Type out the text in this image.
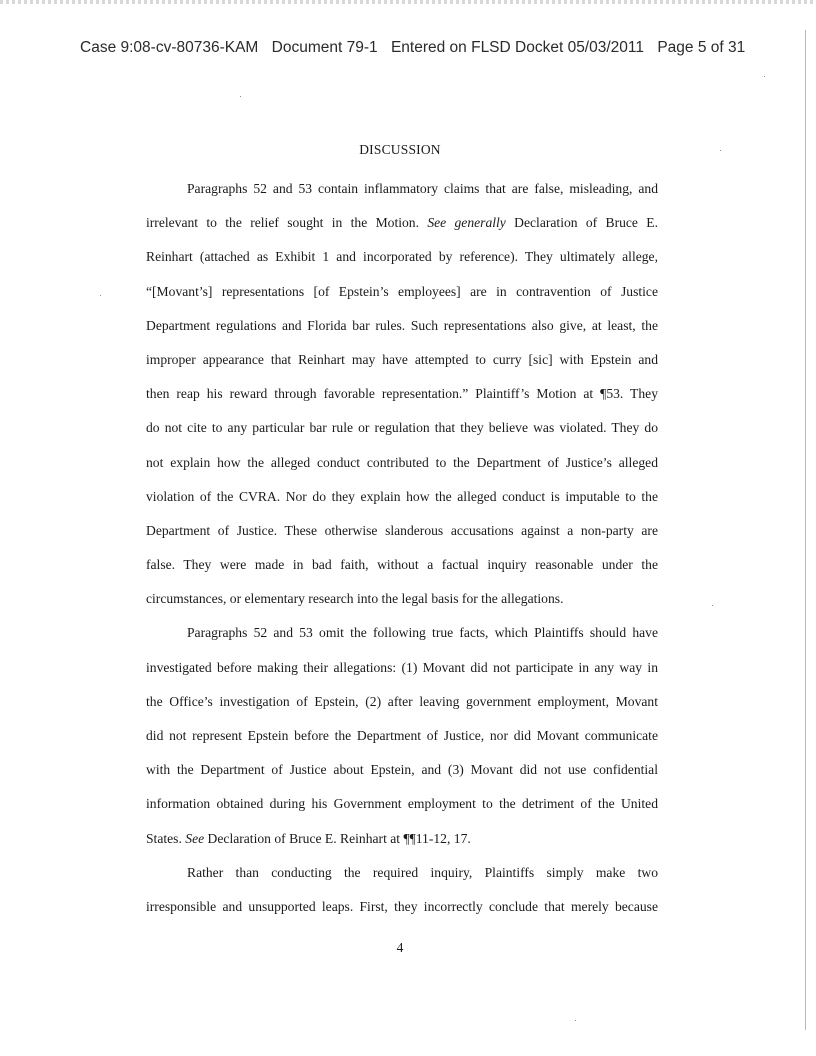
Case 9:08-cv-80736-KAM Document 79-1 Entered on FLSD Docket 05/03/2011 Page 5 of 31
DISCUSSION
Paragraphs 52 and 53 contain inflammatory claims that are false, misleading, and
irrelevant to the relief sought in the Motion. See generally Declaration of Bruce E.
Reinhart (attached as Exhibit 1 and incorporated by reference). They ultimately allege,
“[Movant’s] representations [of Epstein’s employees] are in contravention of Justice
Department regulations and Florida bar rules. Such representations also give, at least, the
improper appearance that Reinhart may have attempted to curry [sic] with Epstein and
then reap his reward through favorable representation.” Plaintiff’s Motion at ¶53. They
do not cite to any particular bar rule or regulation that they believe was violated. They do
not explain how the alleged conduct contributed to the Department of Justice’s alleged
violation of the CVRA. Nor do they explain how the alleged conduct is imputable to the
Department of Justice. These otherwise slanderous accusations against a non-party are
false. They were made in bad faith, without a factual inquiry reasonable under the
circumstances, or elementary research into the legal basis for the allegations.
Paragraphs 52 and 53 omit the following true facts, which Plaintiffs should have
investigated before making their allegations: (1) Movant did not participate in any way in
the Office’s investigation of Epstein, (2) after leaving government employment, Movant
did not represent Epstein before the Department of Justice, nor did Movant communicate
with the Department of Justice about Epstein, and (3) Movant did not use confidential
information obtained during his Government employment to the detriment of the United
States. See Declaration of Bruce E. Reinhart at ¶¶11-12, 17.
Rather than conducting the required inquiry, Plaintiffs simply make two
irresponsible and unsupported leaps. First, they incorrectly conclude that merely because
4
